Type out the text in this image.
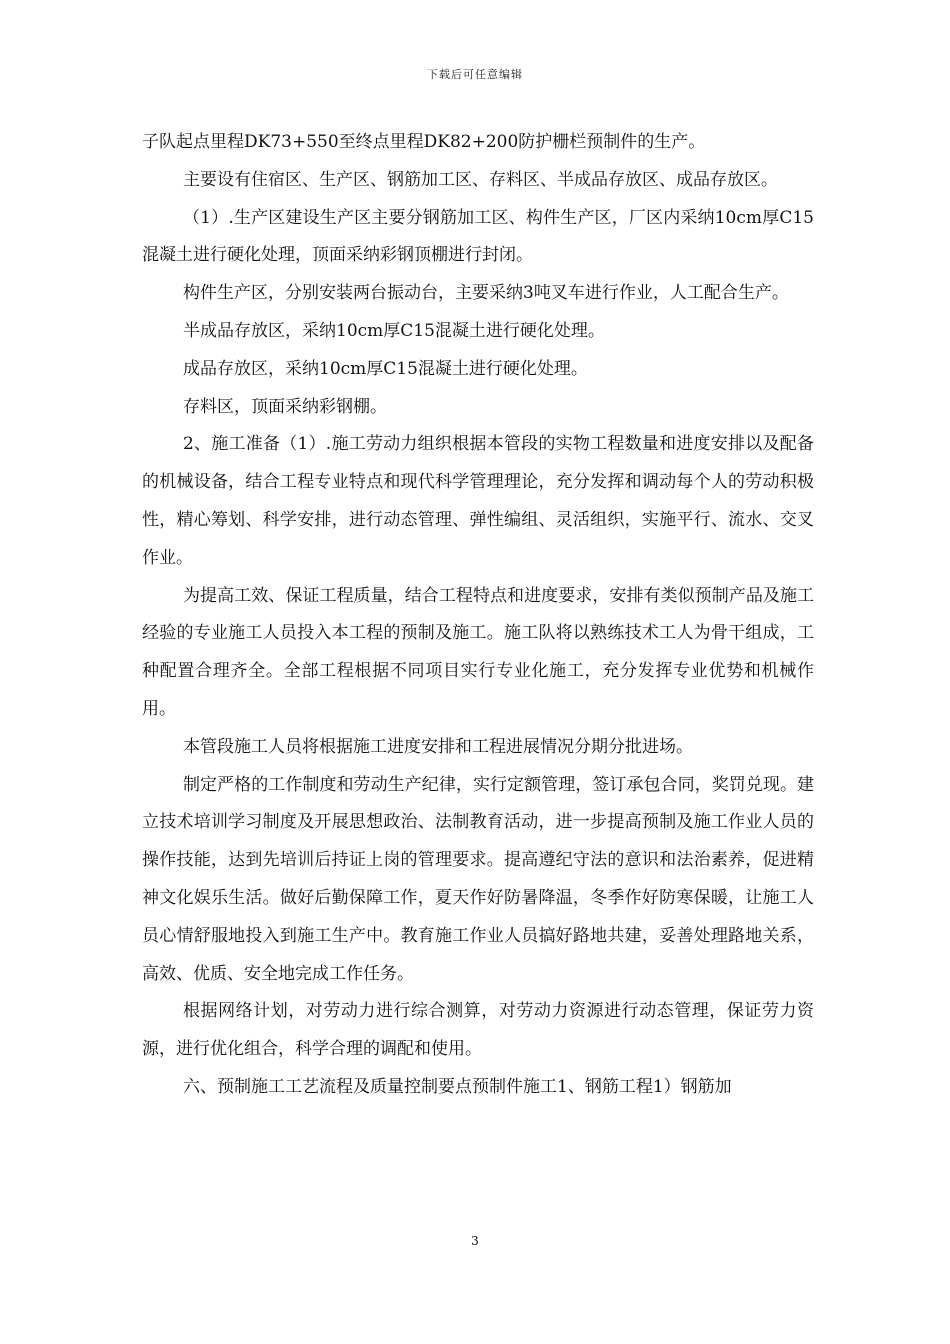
下载后可任意编辑

子队起点里程DK73+550至终点里程DK82+200防护栅栏预制件的生产。

主要设有住宿区、生产区、钢筋加工区、存料区、半成品存放区、成品存放区。

（1）.生产区建设生产区主要分钢筋加工区、构件生产区，厂区内采纳10cm厚C15混凝土进行硬化处理，顶面采纳彩钢顶棚进行封闭。

构件生产区，分别安装两台振动台，主要采纳3吨叉车进行作业，人工配合生产。

半成品存放区，采纳10cm厚C15混凝土进行硬化处理。

成品存放区，采纳10cm厚C15混凝土进行硬化处理。

存料区，顶面采纳彩钢棚。

2、施工准备（1）.施工劳动力组织根据本管段的实物工程数量和进度安排以及配备的机械设备，结合工程专业特点和现代科学管理理论，充分发挥和调动每个人的劳动积极性，精心筹划、科学安排，进行动态管理、弹性编组、灵活组织，实施平行、流水、交叉作业。

为提高工效、保证工程质量，结合工程特点和进度要求，安排有类似预制产品及施工经验的专业施工人员投入本工程的预制及施工。施工队将以熟练技术工人为骨干组成，工种配置合理齐全。全部工程根据不同项目实行专业化施工，充分发挥专业优势和机械作用。

本管段施工人员将根据施工进度安排和工程进展情况分期分批进场。

制定严格的工作制度和劳动生产纪律，实行定额管理，签订承包合同，奖罚兑现。建立技术培训学习制度及开展思想政治、法制教育活动，进一步提高预制及施工作业人员的操作技能，达到先培训后持证上岗的管理要求。提高遵纪守法的意识和法治素养，促进精神文化娱乐生活。做好后勤保障工作，夏天作好防暑降温，冬季作好防寒保暖，让施工人员心情舒服地投入到施工生产中。教育施工作业人员搞好路地共建，妥善处理路地关系，高效、优质、安全地完成工作任务。

根据网络计划，对劳动力进行综合测算，对劳动力资源进行动态管理，保证劳力资源，进行优化组合，科学合理的调配和使用。

六、预制施工工艺流程及质量控制要点预制件施工1、钢筋工程1）钢筋加

3
